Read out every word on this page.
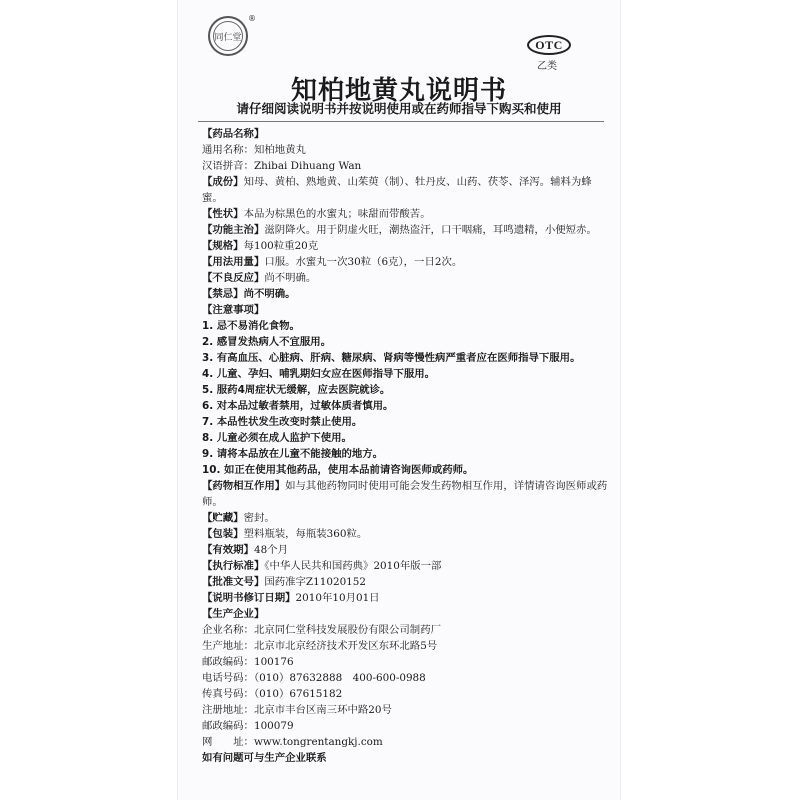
同仁堂
®
OTC
乙类
知柏地黄丸说明书
请仔细阅读说明书并按说明使用或在药师指导下购买和使用
【药品名称】
通用名称：知柏地黄丸
汉语拼音：Zhibai Dihuang Wan
【成份】知母、黄柏、熟地黄、山茱萸（制）、牡丹皮、山药、茯苓、泽泻。辅料为蜂蜜。
【性状】本品为棕黑色的水蜜丸；味甜而带酸苦。
【功能主治】滋阴降火。用于阴虚火旺，潮热盗汗，口干咽痛，耳鸣遗精，小便短赤。
【规格】每100粒重20克
【用法用量】口服。水蜜丸一次30粒（6克），一日2次。
【不良反应】尚不明确。
【禁忌】尚不明确。
【注意事项】
1. 忌不易消化食物。
2. 感冒发热病人不宜服用。
3. 有高血压、心脏病、肝病、糖尿病、肾病等慢性病严重者应在医师指导下服用。
4. 儿童、孕妇、哺乳期妇女应在医师指导下服用。
5. 服药4周症状无缓解，应去医院就诊。
6. 对本品过敏者禁用，过敏体质者慎用。
7. 本品性状发生改变时禁止使用。
8. 儿童必须在成人监护下使用。
9. 请将本品放在儿童不能接触的地方。
10. 如正在使用其他药品，使用本品前请咨询医师或药师。
【药物相互作用】如与其他药物同时使用可能会发生药物相互作用，详情请咨询医师或药师。
【贮藏】密封。
【包装】塑料瓶装，每瓶装360粒。
【有效期】48个月
【执行标准】《中华人民共和国药典》2010年版一部
【批准文号】国药准字Z11020152
【说明书修订日期】2010年10月01日
【生产企业】
企业名称：北京同仁堂科技发展股份有限公司制药厂
生产地址：北京市北京经济技术开发区东环北路5号
邮政编码：100176
电话号码：（010）87632888　400-600-0988
传真号码：（010）67615182
注册地址：北京市丰台区南三环中路20号
邮政编码：100079
网　　址：www.tongrentangkj.com
如有问题可与生产企业联系
